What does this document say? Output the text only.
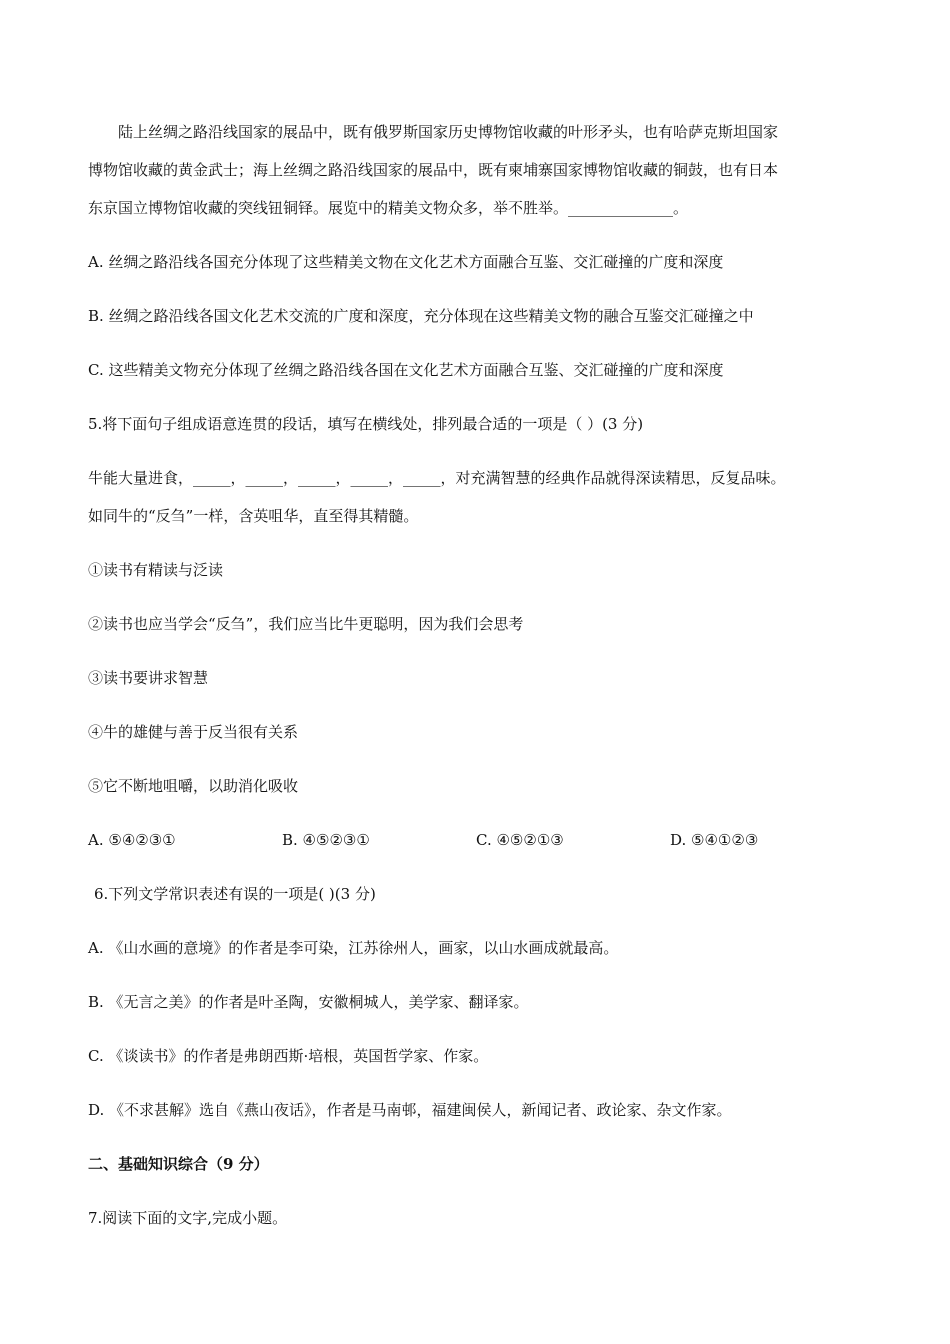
陆上丝绸之路沿线国家的展品中，既有俄罗斯国家历史博物馆收藏的叶形矛头，也有哈萨克斯坦国家
博物馆收藏的黄金武士；海上丝绸之路沿线国家的展品中，既有柬埔寨国家博物馆收藏的铜鼓，也有日本
东京国立博物馆收藏的突线钮铜铎。展览中的精美文物众多，举不胜举。______________。
A. 丝绸之路沿线各国充分体现了这些精美文物在文化艺术方面融合互鉴、交汇碰撞的广度和深度
B. 丝绸之路沿线各国文化艺术交流的广度和深度，充分体现在这些精美文物的融合互鉴交汇碰撞之中
C. 这些精美文物充分体现了丝绸之路沿线各国在文化艺术方面融合互鉴、交汇碰撞的广度和深度
5.将下面句子组成语意连贯的段话，填写在横线处，排列最合适的一项是（ ）(3 分)
牛能大量进食，_____，_____，_____，_____，_____，对充满智慧的经典作品就得深读精思，反复品味。
如同牛的“反刍”一样，含英咀华，直至得其精髓。
①读书有精读与泛读
②读书也应当学会“反刍”，我们应当比牛更聪明，因为我们会思考
③读书要讲求智慧
④牛的雄健与善于反当很有关系
⑤它不断地咀嚼，以助消化吸收
A. ⑤④②③①	B. ④⑤②③①	C. ④⑤②①③	D. ⑤④①②③
6.下列文学常识表述有误的一项是( )(3 分)
A. 《山水画的意境》的作者是李可染，江苏徐州人，画家，以山水画成就最高。
B. 《无言之美》的作者是叶圣陶，安徽桐城人，美学家、翻译家。
C. 《谈读书》的作者是弗朗西斯·培根，英国哲学家、作家。
D. 《不求甚解》选自《燕山夜话》，作者是马南邨，福建闽侯人，新闻记者、政论家、杂文作家。
二、基础知识综合（9 分）
7.阅读下面的文字,完成小题。
